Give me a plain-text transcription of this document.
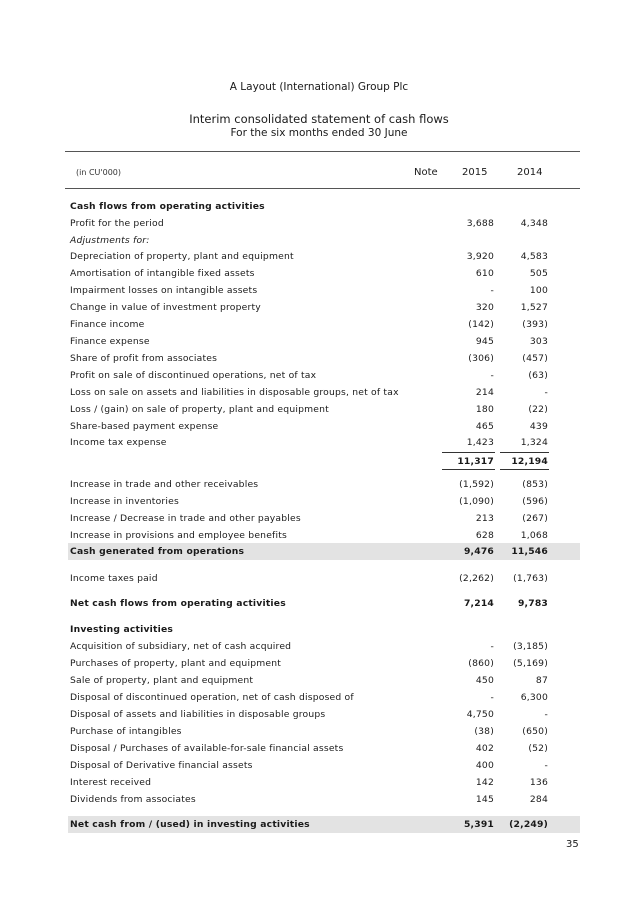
A Layout (International) Group Plc
Interim consolidated statement of cash flows
For the six months ended 30 June
(in CU'000)	Note 2015	2014
Cash flows from operating activities
Profit for the period	3,688	4,348
Adjustments for:
Depreciation of property, plant and equipment	3,920	4,583
Amortisation of intangible fixed assets	610	505
Impairment losses on intangible assets	-	100
Change in value of investment property	320	1,527
Finance income	(142)	(393)
Finance expense	945	303
Share of profit from associates	(306)	(457)
Profit on sale of discontinued operations, net of tax	-	(63)
Loss on sale on assets and liabilities in disposable groups, net of tax	214	-
Loss / (gain) on sale of property, plant and equipment	180	(22)
Share-based payment expense	465	439
Income tax expense	1,423	1,324
11,317	12,194
Increase in trade and other receivables	(1,592)	(853)
Increase in inventories	(1,090)	(596)
Increase / Decrease in trade and other payables	213	(267)
Increase in provisions and employee benefits	628	1,068
Cash generated from operations	9,476	11,546
Income taxes paid	(2,262)	(1,763)
Net cash flows from operating activities	7,214	9,783
Investing activities
Acquisition of subsidiary, net of cash acquired	-	(3,185)
Purchases of property, plant and equipment	(860)	(5,169)
Sale of property, plant and equipment	450	87
Disposal of discontinued operation, net of cash disposed of	-	6,300
Disposal of assets and liabilities in disposable groups	4,750	-
Purchase of intangibles	(38)	(650)
Disposal / Purchases of available-for-sale financial assets	402	(52)
Disposal of Derivative financial assets	400	-
Interest received	142	136
Dividends from associates	145	284
Net cash from / (used) in investing activities	5,391	(2,249)
35
